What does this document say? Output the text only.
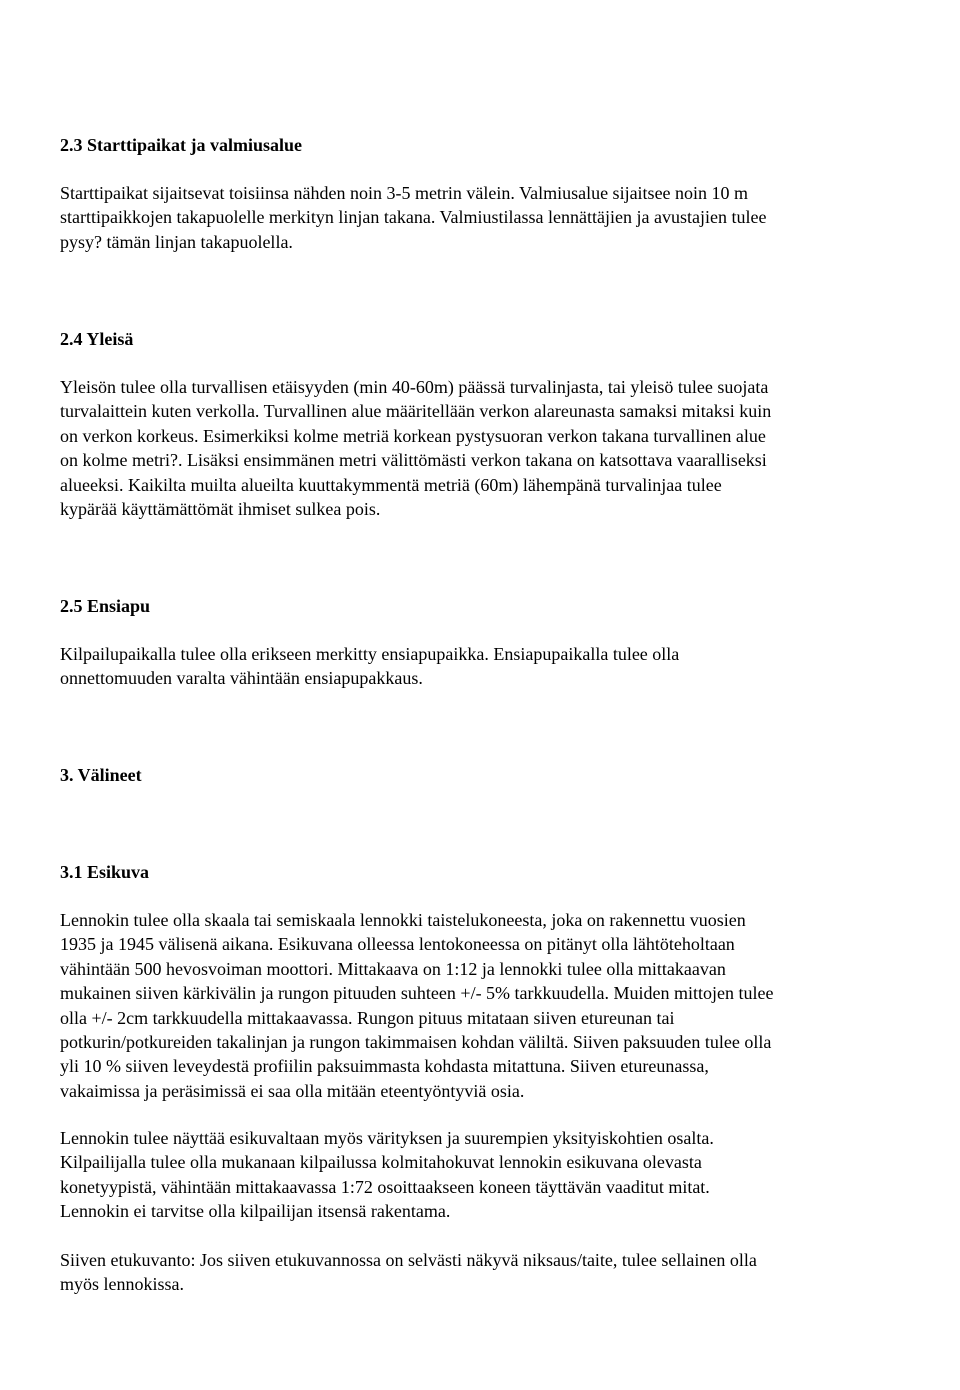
2.3 Starttipaikat ja valmiusalue

Starttipaikat sijaitsevat toisiinsa nähden noin 3-5 metrin välein. Valmiusalue sijaitsee noin 10 m
starttipaikkojen takapuolelle merkityn linjan takana. Valmiustilassa lennättäjien ja avustajien tulee
pysy? tämän linjan takapuolella.

2.4 Yleisä

Yleisön tulee olla turvallisen etäisyyden (min 40-60m) päässä turvalinjasta, tai yleisö tulee suojata
turvalaittein kuten verkolla. Turvallinen alue määritellään verkon alareunasta samaksi mitaksi kuin
on verkon korkeus. Esimerkiksi kolme metriä korkean pystysuoran verkon takana turvallinen alue
on kolme metri?. Lisäksi ensimmänen metri välittömästi verkon takana on katsottava vaaralliseksi
alueeksi. Kaikilta muilta alueilta kuuttakymmentä metriä (60m) lähempänä turvalinjaa tulee
kypärää käyttämättömät ihmiset sulkea pois.

2.5 Ensiapu

Kilpailupaikalla tulee olla erikseen merkitty ensiapupaikka. Ensiapupaikalla tulee olla
onnettomuuden varalta vähintään ensiapupakkaus.

3. Välineet
3.1 Esikuva

Lennokin tulee olla skaala tai semiskaala lennokki taistelukoneesta, joka on rakennettu vuosien
1935 ja 1945 välisenä aikana. Esikuvana olleessa lentokoneessa on pitänyt olla lähtöteholtaan
vähintään 500 hevosvoiman moottori. Mittakaava on 1:12 ja lennokki tulee olla mittakaavan
mukainen siiven kärkivälin ja rungon pituuden suhteen +/- 5% tarkkuudella. Muiden mittojen tulee
olla +/- 2cm tarkkuudella mittakaavassa. Rungon pituus mitataan siiven etureunan tai
potkurin/potkureiden takalinjan ja rungon takimmaisen kohdan väliltä. Siiven paksuuden tulee olla
yli 10 % siiven leveydestä profiilin paksuimmasta kohdasta mitattuna. Siiven etureunassa,
vakaimissa ja peräsimissä ei saa olla mitään eteentyöntyviä osia.

Lennokin tulee näyttää esikuvaltaan myös värityksen ja suurempien yksityiskohtien osalta.
Kilpailijalla tulee olla mukanaan kilpailussa kolmitahokuvat lennokin esikuvana olevasta
konetyypistä, vähintään mittakaavassa 1:72 osoittaakseen koneen täyttävän vaaditut mitat.
Lennokin ei tarvitse olla kilpailijan itsensä rakentama.

Siiven etukuvanto: Jos siiven etukuvannossa on selvästi näkyvä niksaus/taite, tulee sellainen olla
myös lennokissa.
